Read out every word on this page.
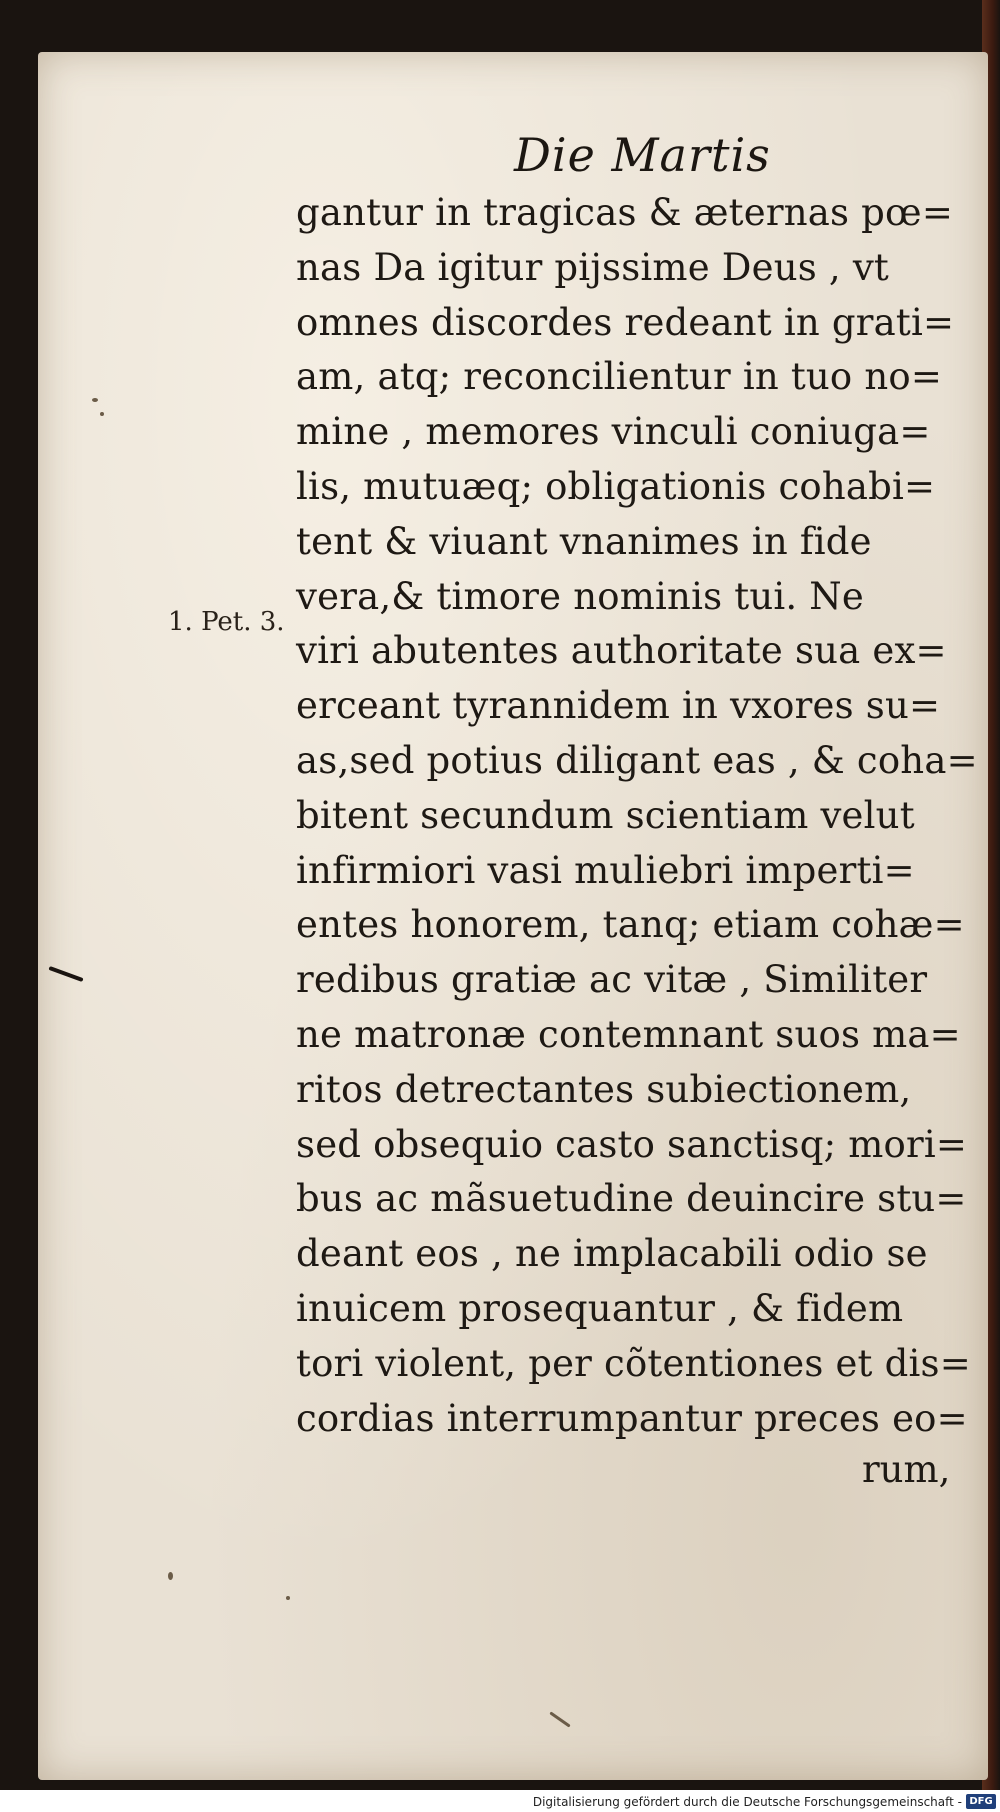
Die Martis
1. Pet. 3.
gantur in tragicas & æternas pœ=
nas Da igitur pijssime Deus , vt
omnes discordes redeant in grati=
am, atq; reconcilientur in tuo no=
mine , memores vinculi coniuga=
lis, mutuæq; obligationis cohabi=
tent & viuant vnanimes in fide
vera,& timore nominis tui. Ne
viri abutentes authoritate sua ex=
erceant tyrannidem in vxores su=
as,sed potius diligant eas , & coha=
bitent secundum scientiam velut
infirmiori vasi muliebri imperti=
entes honorem, tanq; etiam cohæ=
redibus gratiæ ac vitæ , Similiter
ne matronæ contemnant suos ma=
ritos detrectantes subiectionem,
sed obsequio casto sanctisq; mori=
bus ac mãsuetudine deuincire stu=
deant eos , ne implacabili odio se
inuicem prosequantur , & fidem
tori violent, per cõtentiones et dis=
cordias interrumpantur preces eo=
rum,
Digitalisierung gefördert durch die Deutsche Forschungsgemeinschaft - DFG
